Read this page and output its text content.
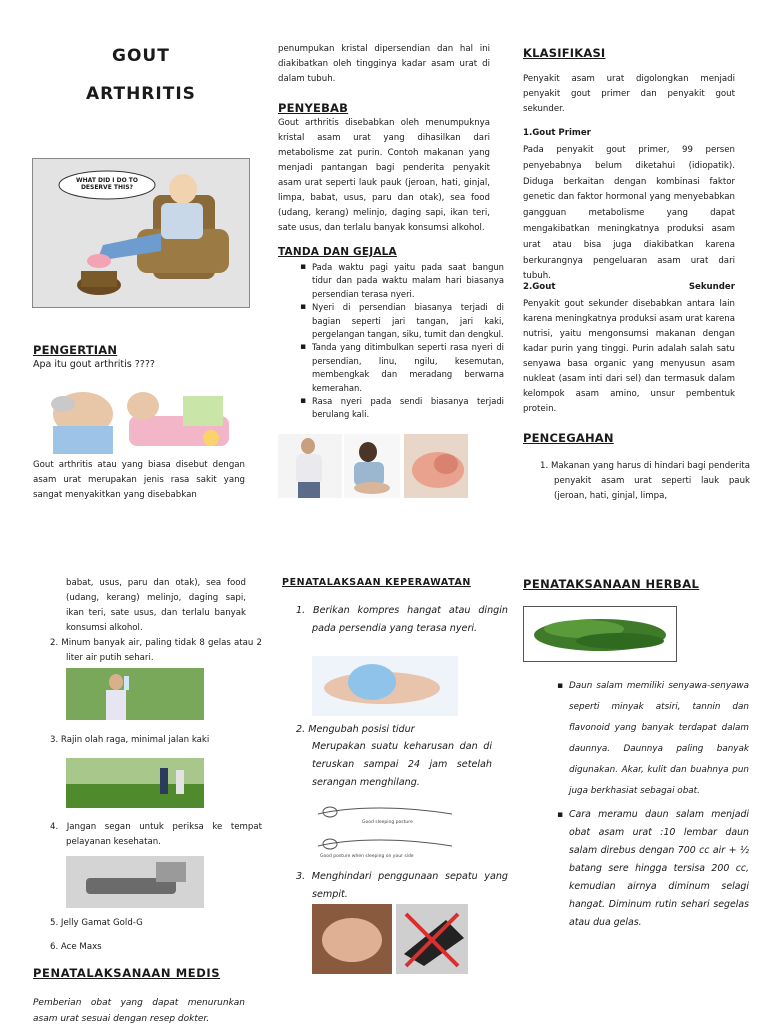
GOUT
ARTHRITIS
WHAT DID I DO TO DESERVE THIS?
PENGERTIAN
Apa itu gout arthritis ????

Gout arthritis atau yang biasa disebut dengan asam urat merupakan jenis rasa sakit yang sangat menyakitkan yang disebabkan

penumpukan kristal dipersendian dan hal ini diakibatkan oleh tingginya kadar asam urat di dalam tubuh.

PENYEBAB

Gout arthritis disebabkan oleh menumpuknya kristal asam urat yang dihasilkan dari metabolisme zat purin. Contoh makanan yang menjadi pantangan bagi penderita penyakit asam urat seperti lauk pauk (jeroan, hati, ginjal, limpa, babat, usus, paru dan otak), sea food (udang, kerang) melinjo, daging sapi, ikan teri, sate usus, dan terlalu banyak konsumsi alkohol.

TANDA DAN GEJALA
▪ Pada waktu pagi yaitu pada saat bangun tidur dan pada waktu malam hari biasanya persendian terasa nyeri.
▪ Nyeri di persendian biasanya terjadi di bagian seperti jari tangan, jari kaki, pergelangan tangan, siku, tumit dan dengkul.
▪ Tanda yang ditimbulkan seperti rasa nyeri di persendian, linu, ngilu, kesemutan, membengkak dan meradang berwarna kemerahan.
▪ Rasa nyeri pada sendi biasanya terjadi berulang kali.
KLASIFIKASI

Penyakit asam urat digolongkan menjadi penyakit gout primer dan penyakit gout sekunder.

1.Gout Primer

Pada penyakit gout primer, 99 persen penyebabnya belum diketahui (idiopatik). Diduga berkaitan dengan kombinasi faktor genetic dan faktor hormonal yang menyebabkan gangguan metabolisme yang dapat mengakibatkan meningkatnya produksi asam urat atau bisa juga diakibatkan karena berkurangnya pengeluaran asam urat dari tubuh.

2.Gout	Sekunder

Penyakit gout sekunder disebabkan antara lain karena meningkatnya produksi asam urat karena nutrisi, yaitu mengonsumsi makanan dengan kadar purin yang tinggi. Purin adalah salah satu senyawa basa organic yang menyusun asam nukleat (asam inti dari sel) dan termasuk dalam kelompok asam amino, unsur pembentuk protein.

PENCEGAHAN

1. Makanan yang harus di hindari bagi penderita penyakit asam urat seperti lauk pauk (jeroan, hati, ginjal, limpa,

babat, usus, paru dan otak), sea food (udang, kerang) melinjo, daging sapi, ikan teri, sate usus, dan terlalu banyak konsumsi alkohol.

2. Minum banyak air, paling tidak 8 gelas atau 2 liter air putih sehari.

3. Rajin olah raga, minimal jalan kaki

4. Jangan segan untuk periksa ke tempat pelayanan kesehatan.

5. Jelly Gamat Gold-G

6. Ace Maxs

PENATALAKSANAAN MEDIS

Pemberian obat yang dapat menurunkan asam urat sesuai dengan resep dokter.

PENATALAKSAAN KEPERAWATAN

1. Berikan kompres hangat atau dingin pada persendia yang terasa nyeri.

2. Mengubah posisi tidur

Merupakan suatu keharusan dan di teruskan sampai 24 jam setelah serangan menghilang.

Good sleeping posture
Good posture when sleeping on your side

3. Menghindari penggunaan sepatu yang sempit.

PENATAKSANAAN HERBAL
▪ Daun salam memiliki senyawa-senyawa seperti minyak atsiri, tannin dan flavonoid yang banyak terdapat dalam daunnya. Daunnya paling banyak digunakan. Akar, kulit dan buahnya pun juga berkhasiat sebagai obat.
▪ Cara meramu daun salam menjadi obat asam urat :10 lembar daun salam direbus dengan 700 cc air + ½ batang sere hingga tersisa 200 cc, kemudian airnya diminum selagi hangat. Diminum rutin sehari segelas atau dua gelas.
